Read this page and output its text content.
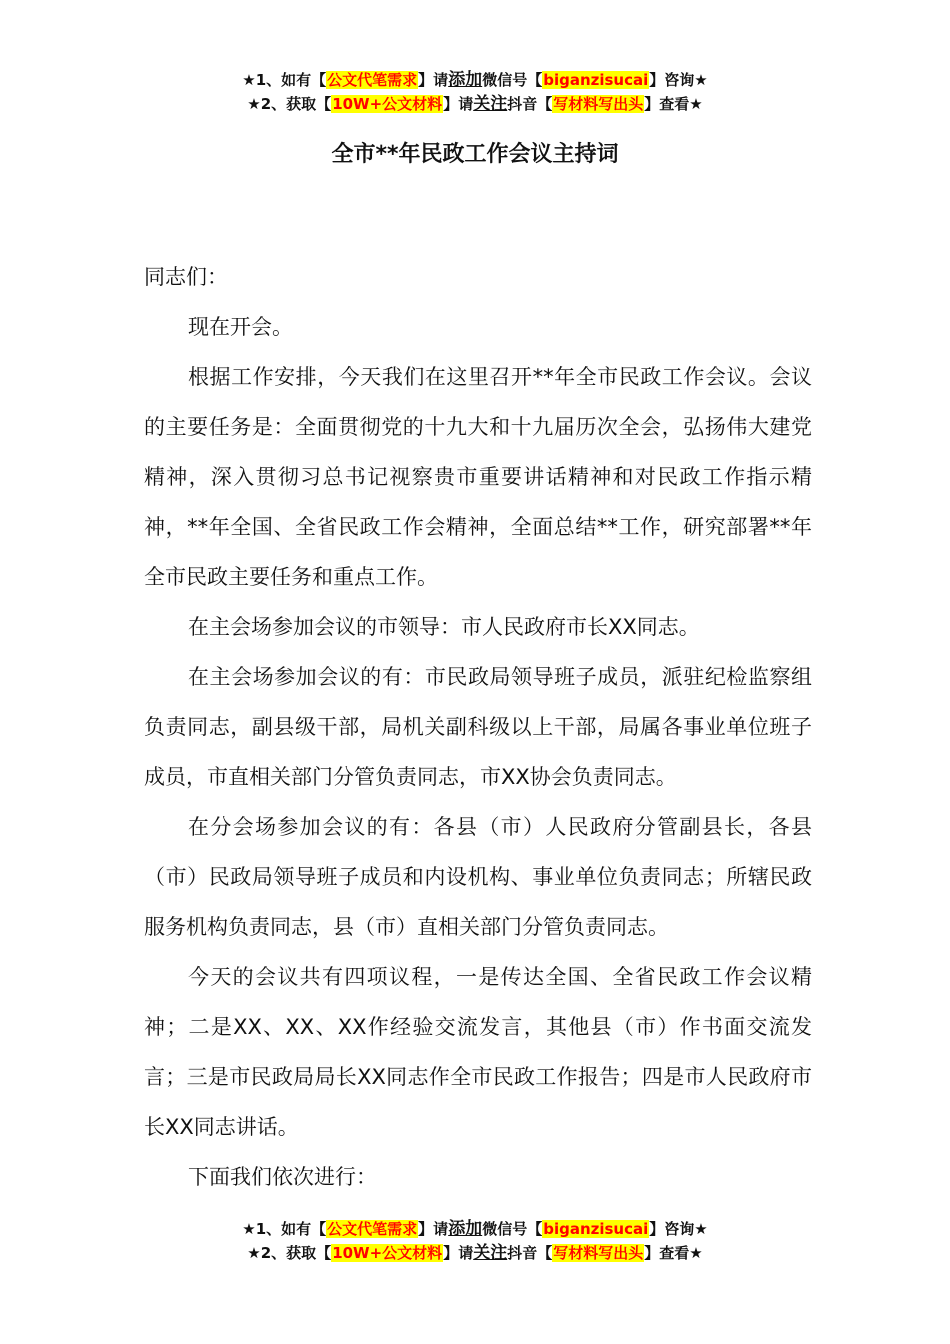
★1、如有【公文代笔需求】请添加微信号【biganzisucai】咨询★
★2、获取【10W+公文材料】请关注抖音【写材料写出头】查看★
全市**年民政工作会议主持词

同志们：

现在开会。

根据工作安排，今天我们在这里召开**年全市民政工作会议。会议的主要任务是：全面贯彻党的十九大和十九届历次全会，弘扬伟大建党精神，深入贯彻习总书记视察贵市重要讲话精神和对民政工作指示精神，**年全国、全省民政工作会精神，全面总结**工作，研究部署**年全市民政主要任务和重点工作。

在主会场参加会议的市领导：市人民政府市长XX同志。

在主会场参加会议的有：市民政局领导班子成员，派驻纪检监察组负责同志，副县级干部，局机关副科级以上干部，局属各事业单位班子成员，市直相关部门分管负责同志，市XX协会负责同志。

在分会场参加会议的有：各县（市）人民政府分管副县长，各县（市）民政局领导班子成员和内设机构、事业单位负责同志；所辖民政服务机构负责同志，县（市）直相关部门分管负责同志。

今天的会议共有四项议程，一是传达全国、全省民政工作会议精神；二是XX、XX、XX作经验交流发言，其他县（市）作书面交流发言；三是市民政局局长XX同志作全市民政工作报告；四是市人民政府市长XX同志讲话。

下面我们依次进行：

★1、如有【公文代笔需求】请添加微信号【biganzisucai】咨询★
★2、获取【10W+公文材料】请关注抖音【写材料写出头】查看★
